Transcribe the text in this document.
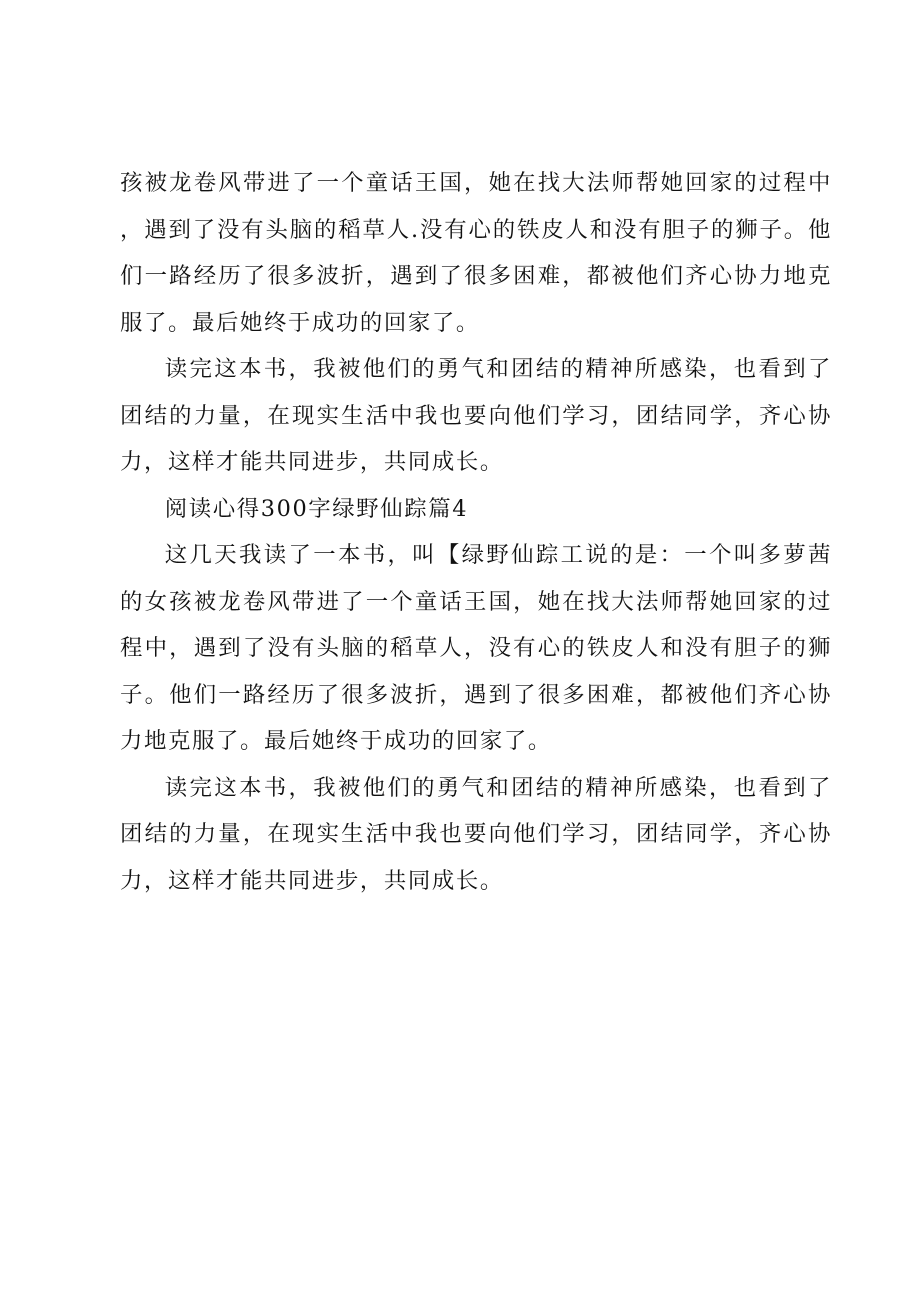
孩被龙卷风带进了一个童话王国，她在找大法师帮她回家的过程中，遇到了没有头脑的稻草人.没有心的铁皮人和没有胆子的狮子。他们一路经历了很多波折，遇到了很多困难，都被他们齐心协力地克服了。最后她终于成功的回家了。

读完这本书，我被他们的勇气和团结的精神所感染，也看到了团结的力量，在现实生活中我也要向他们学习，团结同学，齐心协力，这样才能共同进步，共同成长。

阅读心得300字绿野仙踪篇4

这几天我读了一本书，叫【绿野仙踪工说的是：一个叫多萝茜的女孩被龙卷风带进了一个童话王国，她在找大法师帮她回家的过程中，遇到了没有头脑的稻草人，没有心的铁皮人和没有胆子的狮子。他们一路经历了很多波折，遇到了很多困难，都被他们齐心协力地克服了。最后她终于成功的回家了。

读完这本书，我被他们的勇气和团结的精神所感染，也看到了团结的力量，在现实生活中我也要向他们学习，团结同学，齐心协力，这样才能共同进步，共同成长。
